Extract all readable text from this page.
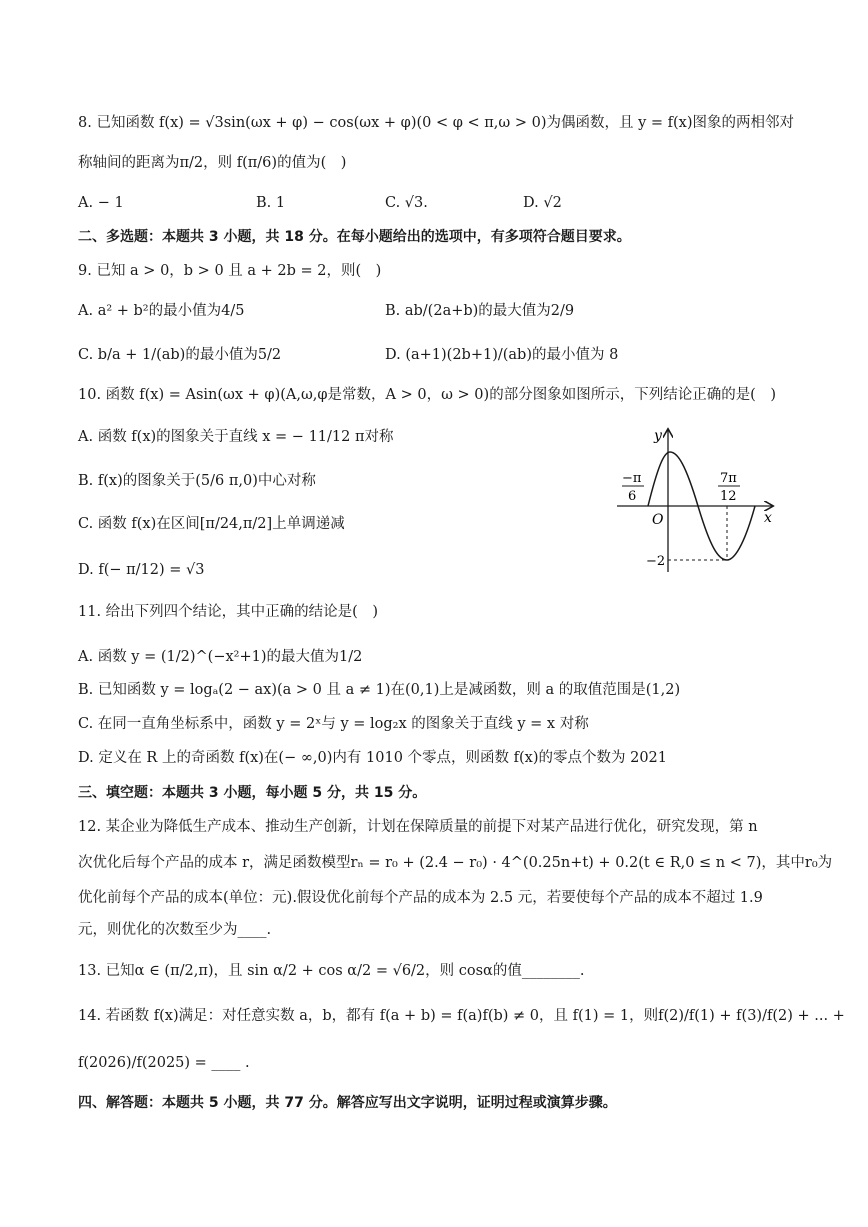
8. 已知函数 f(x) = √3sin(ωx + φ) − cos(ωx + φ)(0 < φ < π,ω > 0)为偶函数，且 y = f(x)图象的两相邻对
称轴间的距离为π/2，则 f(π/6)的值为(　)
A. − 1	B. 1	C. √3.	D. √2
二、多选题：本题共 3 小题，共 18 分。在每小题给出的选项中，有多项符合题目要求。
9. 已知 a > 0，b > 0 且 a + 2b = 2，则(　)
A. a² + b²的最小值为4/5	B. ab/(2a+b)的最大值为2/9
C. b/a + 1/(ab)的最小值为5/2	D. (a+1)(2b+1)/(ab)的最小值为 8
10. 函数 f(x) = Asin(ωx + φ)(A,ω,φ是常数，A > 0，ω > 0)的部分图象如图所示，下列结论正确的是(　)
A. 函数 f(x)的图象关于直线 x = − 11/12 π对称
B. f(x)的图象关于(5/6 π,0)中心对称
C. 函数 f(x)在区间[π/24,π/2]上单调递减
D. f(− π/12) = √3
y
x
O
−π
6
7π
12
−2
11. 给出下列四个结论，其中正确的结论是(　)
A. 函数 y = (1/2)^(−x²+1)的最大值为1/2
B. 已知函数 y = logₐ(2 − ax)(a > 0 且 a ≠ 1)在(0,1)上是减函数，则 a 的取值范围是(1,2)
C. 在同一直角坐标系中，函数 y = 2ˣ与 y = log₂x 的图象关于直线 y = x 对称
D. 定义在 R 上的奇函数 f(x)在(− ∞,0)内有 1010 个零点，则函数 f(x)的零点个数为 2021
三、填空题：本题共 3 小题，每小题 5 分，共 15 分。
12. 某企业为降低生产成本、推动生产创新，计划在保障质量的前提下对某产品进行优化，研究发现，第 n
次优化后每个产品的成本 r，满足函数模型rₙ = r₀ + (2.4 − r₀) · 4^(0.25n+t) + 0.2(t ∈ R,0 ≤ n < 7)，其中r₀为
优化前每个产品的成本(单位：元).假设优化前每个产品的成本为 2.5 元，若要使每个产品的成本不超过 1.9
元，则优化的次数至少为____.
13. 已知α ∈ (π/2,π)，且 sin α/2 + cos α/2 = √6/2，则 cosα的值________.
14. 若函数 f(x)满足：对任意实数 a，b，都有 f(a + b) = f(a)f(b) ≠ 0，且 f(1) = 1，则f(2)/f(1) + f(3)/f(2) + ... +
f(2026)/f(2025) = ____ .
四、解答题：本题共 5 小题，共 77 分。解答应写出文字说明，证明过程或演算步骤。
